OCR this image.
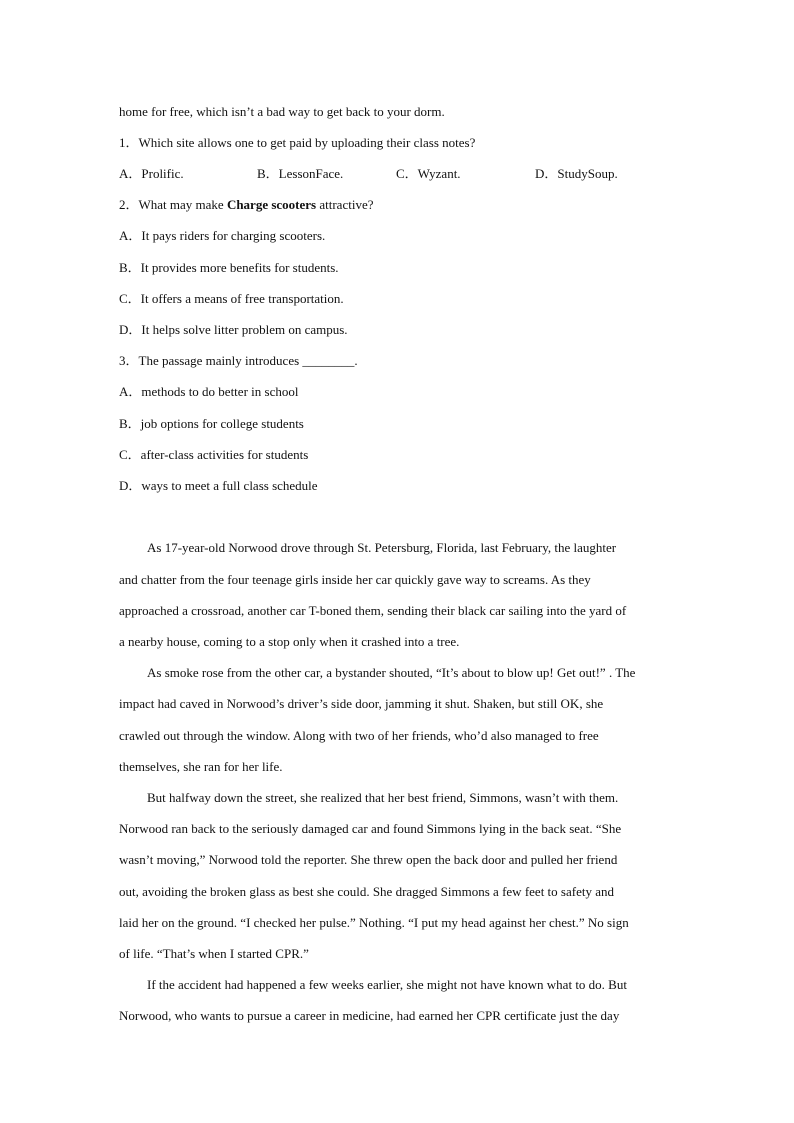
home for free, which isn’t a bad way to get back to your dorm.
1．Which site allows one to get paid by uploading their class notes?
A．Prolific.	B．LessonFace.	C．Wyzant.	D．StudySoup.
2．What may make Charge scooters attractive?
A．It pays riders for charging scooters.
B．It provides more benefits for students.
C．It offers a means of free transportation.
D．It helps solve litter problem on campus.
3．The passage mainly introduces ________.
A．methods to do better in school
B．job options for college students
C．after-class activities for students
D．ways to meet a full class schedule
As 17-year-old Norwood drove through St. Petersburg, Florida, last February, the laughter
and chatter from the four teenage girls inside her car quickly gave way to screams. As they
approached a crossroad, another car T-boned them, sending their black car sailing into the yard of
a nearby house, coming to a stop only when it crashed into a tree.
As smoke rose from the other car, a bystander shouted, “It’s about to blow up! Get out!” . The
impact had caved in Norwood’s driver’s side door, jamming it shut. Shaken, but still OK, she
crawled out through the window. Along with two of her friends, who’d also managed to free
themselves, she ran for her life.
But halfway down the street, she realized that her best friend, Simmons, wasn’t with them.
Norwood ran back to the seriously damaged car and found Simmons lying in the back seat. “She
wasn’t moving,” Norwood told the reporter. She threw open the back door and pulled her friend
out, avoiding the broken glass as best she could. She dragged Simmons a few feet to safety and
laid her on the ground. “I checked her pulse.” Nothing. “I put my head against her chest.” No sign
of life. “That’s when I started CPR.”
If the accident had happened a few weeks earlier, she might not have known what to do. But
Norwood, who wants to pursue a career in medicine, had earned her CPR certificate just the day
